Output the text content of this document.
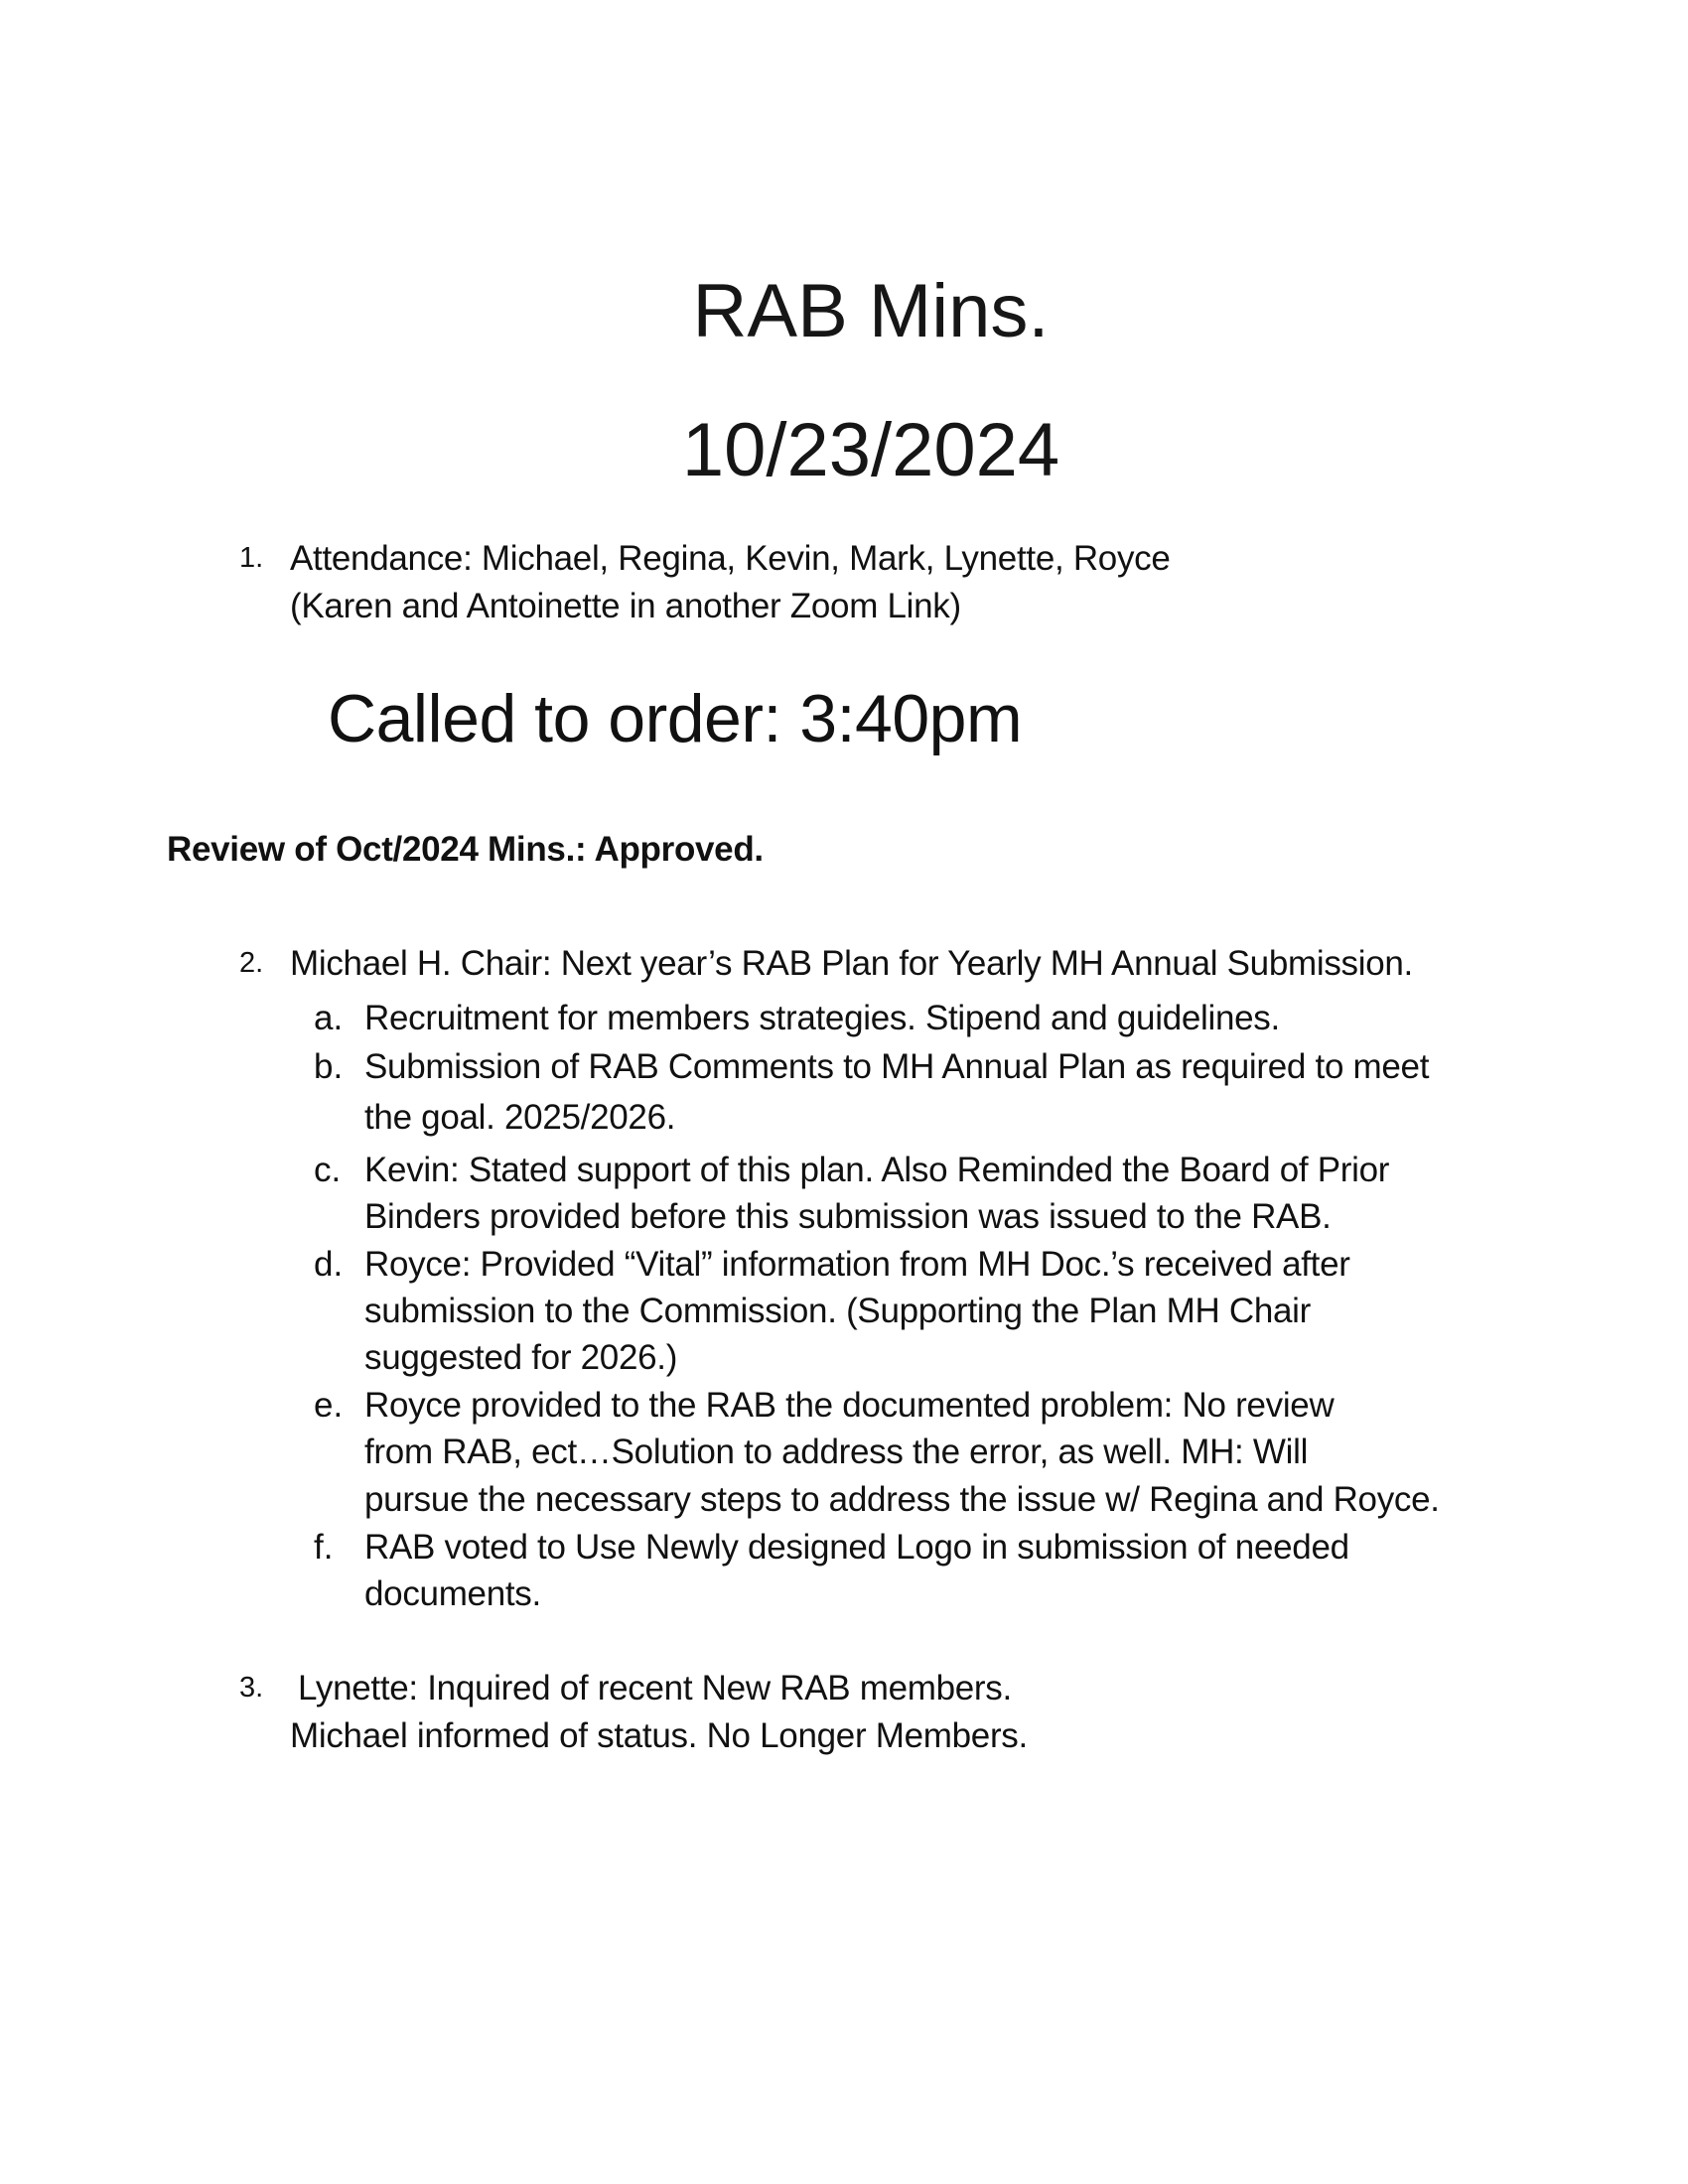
RAB Mins.
10/23/2024
1. Attendance: Michael, Regina, Kevin, Mark, Lynette, Royce
(Karen and Antoinette in another Zoom Link)
Called to order: 3:40pm
Review of Oct/2024 Mins.: Approved.
2. Michael H. Chair: Next year’s RAB Plan for Yearly MH Annual Submission.
a. Recruitment for members strategies. Stipend and guidelines.
b. Submission of RAB Comments to MH Annual Plan as required to meet
the goal. 2025/2026.
c. Kevin: Stated support of this plan. Also Reminded the Board of Prior
Binders provided before this submission was issued to the RAB.
d. Royce: Provided “Vital” information from MH Doc.’s received after
submission to the Commission. (Supporting the Plan MH Chair
suggested for 2026.)
e. Royce provided to the RAB the documented problem: No review
from RAB, ect…Solution to address the error, as well. MH: Will
pursue the necessary steps to address the issue w/ Regina and Royce.
f. RAB voted to Use Newly designed Logo in submission of needed
documents.
3. Lynette: Inquired of recent New RAB members.
Michael informed of status. No Longer Members.
